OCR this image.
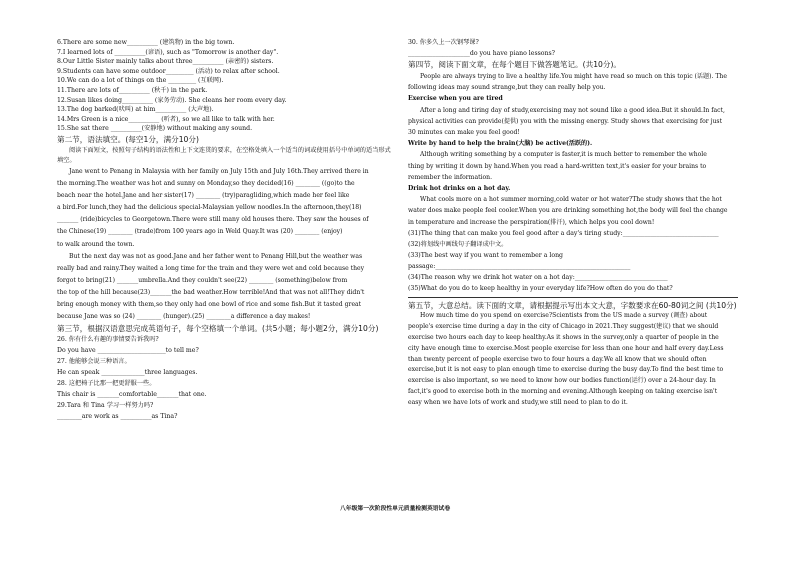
6.There are some new__________ (建筑物) in the big town.
7.I learned lots of __________(谚语), such as "Tomorrow is another day".
8.Our Little Sister mainly talks about three__________ (亲密的) sisters.
9.Students can have some outdoor_________ (活动) to relax after school.
10.We can do a lot of things on the _________ (互联网).
11.There are lots of__________ (秋千) in the park.
12.Susan likes doing__________ (家务劳动). She cleans her room every day.
13.The dog barked(吠叫) at him__________ (大声地).
14.Mrs Green is a nice__________ (听者), so we all like to talk with her.
15.She sat there __________(安静地) without making any sound.
第二节，语法填空。(每空1分，满分10分)
阅读下面短文，按照句子结构的语法性和上下文连贯的要求，在空格处填入一个适当的词或使用括号中单词的适当形式填空。
Jane went to Penang in Malaysia with her family on July 15th and July 16th.They arrived there in
the morning.The weather was hot and sunny on Monday,so they decided(16) ________ ((go)to the
beach near the hotel.Jane and her sister(17) ________ (try)paragliding,which made her feel like
a bird.For lunch,they had the delicious special-Malaysian yellow noodles.In the afternoon,they(18)
_______ (ride)bicycles to Georgetown.There were still many old houses there. They saw the houses of
the Chinese(19) ________ (trade)from 100 years ago in Weld Quay.It was (20) ________ (enjoy)
to walk around the town.
But the next day was not as good.Jane and her father went to Penang Hill,but the weather was
really bad and rainy.They waited a long time for the train and they were wet and cold because they
forgot to bring(21) _______umbrella.And they couldn't see(22) ________ (something)below from
the top of the hill because(23)_______the bad weather.How terrible!And that was not all!They didn't
bring enough money with them,so they only had one bowl of rice and some fish.But it tasted great
because Jane was so (24) ________ (hunger).(25) ________a difference a day makes!
第三节，根据汉语意思完成英语句子，每个空格填一个单词。(共5小题；每小题2分，满分10分)
26. 你有什么有趣的事情要告诉我吗?
Do you have ______________________to tell me?
27. 他能够会说三种语言。
He can speak ______________three languages.
28. 这把椅子比那一把更舒服一些。
This chair is _______comfortable_______that one.
29.Tara 和 Tina 学习一样努力吗?
________are work as __________as Tina?
30. 你多久上一次钢琴课?
____________________do you have piano lessons?
第四节，阅读下面文章，在每个题目下做答题笔记。(共10分)。
People are always trying to live a healthy life.You might have read so much on this topic (话题). The
following ideas may sound strange,but they can really help you.
Exercise when you are tired
After a long and tiring day of study,exercising may not sound like a good idea.But it should.In fact,
physical activities can provide(提供) you with the missing energy. Study shows that exercising for just
30 minutes can make you feel good!
Write by hand to help the brain(大脑) be active(活跃的).
Although writing something by a computer is faster,it is much better to remember the whole
thing by writing it down by hand.When you read a hard-written text,it's easier for your brains to
remember the information.
Drink hot drinks on a hot day.
What cools more on a hot summer morning,cold water or hot water?The study shows that the hot
water does make people feel cooler.When you are drinking something hot,the body will feel the change
in temperature and increase the perspiration(排汗), which helps you cool down!
(31)The thing that can make you feel good after a day's tiring study:_______________________________
(32)将划线中画线句子翻译成中文。
(33)The best way if you want to remember a long
passage:_______________________________________________________________
(34)The reason why we drink hot water on a hot day:______________________________
(35)What do you do to keep healthy in your everyday life?How often do you do that?
第五节，大意总结。读下面的文章，请根据提示写出本文大意，字数要求在60-80词之间 (共10分)
How much time do you spend on exercise?Scientists from the US made a survey (调查) about
people's exercise time during a day in the city of Chicago in 2021.They suggest(建议) that we should
exercise two hours each day to keep healthy.As it shows in the survey,only a quarter of people in the
city have enough time to exercise.Most people exercise for less than one hour and half every day.Less
than twenty percent of people exercise two to four hours a day.We all know that we should often
exercise,but it is not easy to plan enough time to exercise during the busy day.To find the best time to
exercise is also important, so we need to know how our bodies function(运行) over a 24-hour day. In
fact,it's good to exercise both in the morning and evening.Although keeping on taking exercise isn't
easy when we have lots of work and study,we still need to plan to do it.
八年级第一次阶段性单元质量检测英语试卷
